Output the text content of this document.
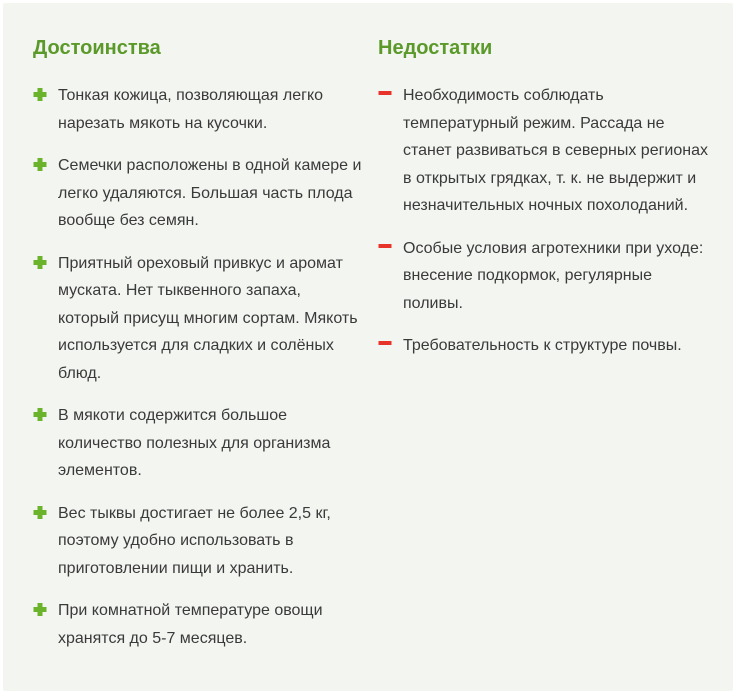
Достоинства
Тонкая кожица, позволяющая легко нарезать мякоть на кусочки.
Семечки расположены в одной камере и легко удаляются. Большая часть плода вообще без семян.
Приятный ореховый привкус и аромат муската. Нет тыквенного запаха, который присущ многим сортам. Мякоть используется для сладких и солёных блюд.
В мякоти содержится большое количество полезных для организма элементов.
Вес тыквы достигает не более 2,5 кг, поэтому удобно использовать в приготовлении пищи и хранить.
При комнатной температуре овощи хранятся до 5-7 месяцев.
Недостатки
Необходимость соблюдать температурный режим. Рассада не станет развиваться в северных регионах в открытых грядках, т. к. не выдержит и незначительных ночных похолоданий.
Особые условия агротехники при уходе: внесение подкормок, регулярные поливы.
Требовательность к структуре почвы.
